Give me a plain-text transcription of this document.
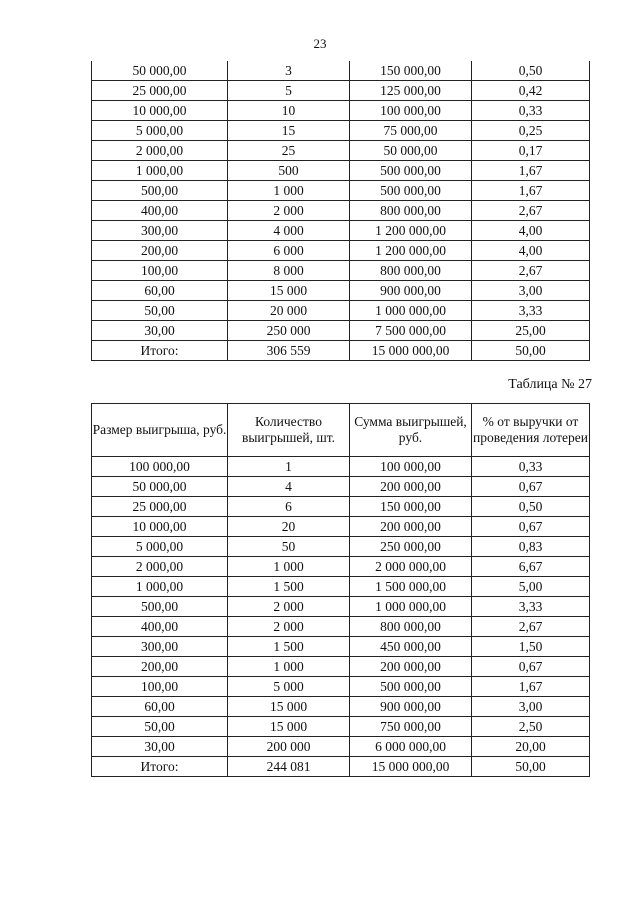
23
50 000,00	3	150 000,00	0,50
25 000,00	5	125 000,00	0,42
10 000,00	10	100 000,00	0,33
5 000,00	15	75 000,00	0,25
2 000,00	25	50 000,00	0,17
1 000,00	500	500 000,00	1,67
500,00	1 000	500 000,00	1,67
400,00	2 000	800 000,00	2,67
300,00	4 000	1 200 000,00	4,00
200,00	6 000	1 200 000,00	4,00
100,00	8 000	800 000,00	2,67
60,00	15 000	900 000,00	3,00
50,00	20 000	1 000 000,00	3,33
30,00	250 000	7 500 000,00	25,00
Итого:	306 559	15 000 000,00	50,00
Таблица № 27
Размер выигрыша, руб.	Количество выигрышей, шт.	Сумма выигрышей, руб.	% от выручки от проведения лотереи
100 000,00	1	100 000,00	0,33
50 000,00	4	200 000,00	0,67
25 000,00	6	150 000,00	0,50
10 000,00	20	200 000,00	0,67
5 000,00	50	250 000,00	0,83
2 000,00	1 000	2 000 000,00	6,67
1 000,00	1 500	1 500 000,00	5,00
500,00	2 000	1 000 000,00	3,33
400,00	2 000	800 000,00	2,67
300,00	1 500	450 000,00	1,50
200,00	1 000	200 000,00	0,67
100,00	5 000	500 000,00	1,67
60,00	15 000	900 000,00	3,00
50,00	15 000	750 000,00	2,50
30,00	200 000	6 000 000,00	20,00
Итого:	244 081	15 000 000,00	50,00
